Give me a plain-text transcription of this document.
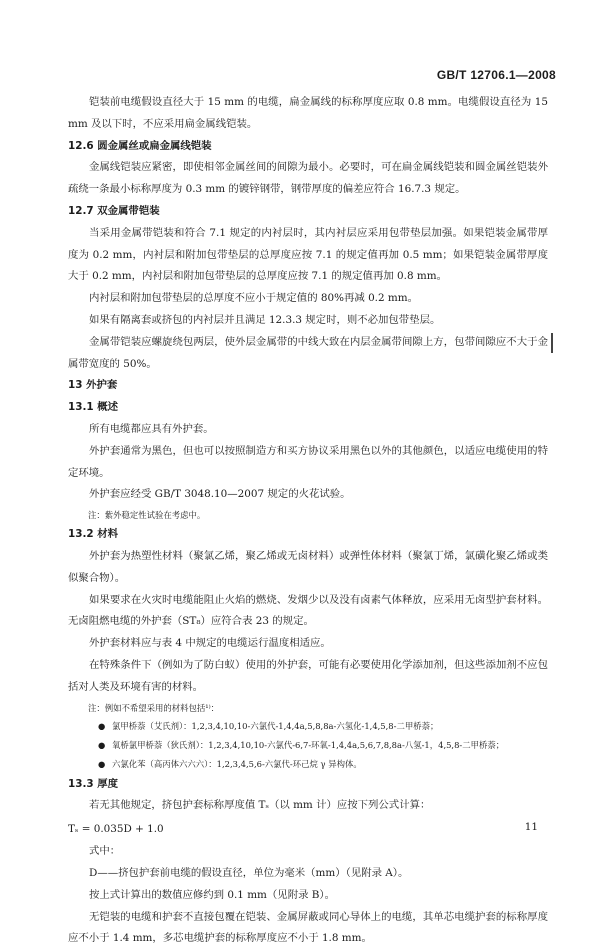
GB/T 12706.1—2008

铠装前电缆假设直径大于 15 mm 的电缆，扁金属线的标称厚度应取 0.8 mm。电缆假设直径为 15 mm 及以下时，不应采用扁金属线铠装。

12.6 圆金属丝或扁金属线铠装

金属线铠装应紧密，即使相邻金属丝间的间隙为最小。必要时，可在扁金属线铠装和圆金属丝铠装外疏绕一条最小标称厚度为 0.3 mm 的镀锌钢带，钢带厚度的偏差应符合 16.7.3 规定。

12.7 双金属带铠装

当采用金属带铠装和符合 7.1 规定的内衬层时，其内衬层应采用包带垫层加强。如果铠装金属带厚度为 0.2 mm，内衬层和附加包带垫层的总厚度应按 7.1 的规定值再加 0.5 mm；如果铠装金属带厚度大于 0.2 mm，内衬层和附加包带垫层的总厚度应按 7.1 的规定值再加 0.8 mm。

内衬层和附加包带垫层的总厚度不应小于规定值的 80%再减 0.2 mm。

如果有隔离套或挤包的内衬层并且满足 12.3.3 规定时，则不必加包带垫层。

金属带铠装应螺旋绕包两层，使外层金属带的中线大致在内层金属带间隙上方，包带间隙应不大于金属带宽度的 50%。

13 外护套

13.1 概述

所有电缆都应具有外护套。

外护套通常为黑色，但也可以按照制造方和买方协议采用黑色以外的其他颜色，以适应电缆使用的特定环境。

外护套应经受 GB/T 3048.10—2007 规定的火花试验。

注：紫外稳定性试验在考虑中。

13.2 材料

外护套为热塑性材料（聚氯乙烯，聚乙烯或无卤材料）或弹性体材料（聚氯丁烯，氯磺化聚乙烯或类似聚合物）。

如果要求在火灾时电缆能阻止火焰的燃烧、发烟少以及没有卤素气体释放，应采用无卤型护套材料。无卤阻燃电缆的外护套（ST₈）应符合表 23 的规定。

外护套材料应与表 4 中规定的电缆运行温度相适应。

在特殊条件下（例如为了防白蚁）使用的外护套，可能有必要使用化学添加剂，但这些添加剂不应包括对人类及环境有害的材料。

注：例如不希望采用的材料包括¹⁾：

● 氯甲桥萘（艾氏剂）：1,2,3,4,10,10-六氯代-1,4,4a,5,8,8a-六氢化-1,4,5,8-二甲桥萘；
● 氧桥氯甲桥萘（狄氏剂）：1,2,3,4,10,10-六氯代-6,7-环氧-1,4,4a,5,6,7,8,8a-八氢-1，4,5,8-二甲桥萘；
● 六氯化苯（高丙体六六六）：1,2,3,4,5,6-六氯代-环己烷 γ 异构体。

13.3 厚度

若无其他规定，挤包护套标称厚度值 Tₛ（以 mm 计）应按下列公式计算：

Tₛ = 0.035D + 1.0

式中：

D——挤包护套前电缆的假设直径，单位为毫米（mm）（见附录 A）。

按上式计算出的数值应修约到 0.1 mm（见附录 B）。

无铠装的电缆和护套不直接包覆在铠装、金属屏蔽或同心导体上的电缆，其单芯电缆护套的标称厚度应不小于 1.4 mm，多芯电缆护套的标称厚度应不小于 1.8 mm。

11
